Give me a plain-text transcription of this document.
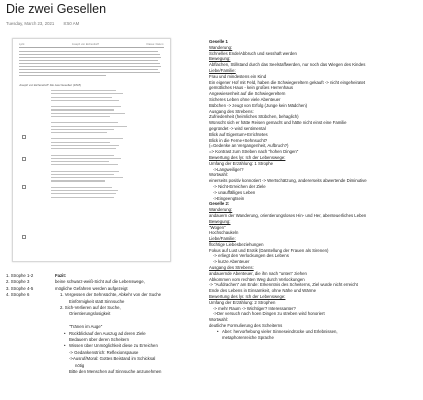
Die zwei Gesellen
Tuesday, March 23, 2021 8:50 AM
Lyrik	Joseph von Eichendorff	Klasse: Datum:
Joseph von Eichendorff: Die zwei Gesellen (1818)
1. Strophe 1-2
2. Strophe 3
3. Strophe 4-5
4. Strophe 6
Fazit:
beine schwarz-weiß-Sicht auf die Lebenswege,
mögliche Gefahren werden aufgezeigt
1. Vergessen der Sehnsüchte, Abkehr von der Suche
Einförmigkeit statt Sinnsuche
2. Sich-Verlieren auf der Suche,
Orientierungslosigkeit
"Tränen im Auge"
• Rückblickauf den Auszug ad deren Ziele
Bedauern über deren Scheitern
• Wissen über Unmöglichkeit diese zu Erreichen
-> Gedankenstrich: Reflexionspause
->Ausruf/Moral: Gottes Beistand im Schicksal
nötig
Bitte den Menschen auf Sinnsuche anzunehmen
Geselle 1
Wanderung:
Schnelles Ende/Abbruch und sesshaft werden
Bewegung:
Abflachen, Stillstand durch das Seelstaffwerden, nur noch das Wiegen des Kindes
Liebe/Familie:
Frau und mindestens ein Kind
Ein eigener Hof mit Feld, haben die Schwiegereltern gekauft -> nicht eingeheiratet
gemütliches Haus - kein großes Herrenhaus
Angewiesenheit auf die Schwiegereltern
Sicheres Leben ohne viele Abenteuer
Bübchen -> zeugt von Erfolg (Junge kein Mädchen)
Ausgang des Strebens:
Zufriedenheit (heimliches Stübchen, behaglich)
Wünscht sich er hätte Reisen gemacht und hätte nicht einst eine Familie
gegründet -> wird sentimental
Blick auf Eigentum+Errichtetes
Blick in die Ferne+Sehnsucht?
(=Gedenke an Vergangenheit, Aufbruch?)
=> Kontrast zum Streben nach "hohen Dingen"
Bewertung des lyr. Ich der Lebenswege:
Umfang der Erzählung: 1 Strophe
->Langweiliger?
Wortwahl:
einerseits positiv konnotiert -> Wertschätzung, andererseits abwertende Diminutive
-> Nicht-Erreichen der Ziele
-> unauffälliges Leben
->Eingeengtsein
Geselle 2:
Wanderung:
andauern der Wanderung, orientierungsloses Hin- und Her, abenteuerliches Leben
Bewegung:
"Wogen"
Hochschaukeln
Liebe/Familie:
flüchtige Liebesbeziehungen
Fokus auf Lust und Erotik (Darstellung der Frauen als Sirenen)
-> erliegt den Verlockungen des Lebens
-> kurze Abenteuer
Ausgang des Strebens:
andauernde Abenteuer, die ihn nach "unten" ziehen
Abkommen vom rechten Weg durch Verlockungen
-> "Aufdrachen" am Ende: Erkenntnis des Scheiterns, Ziel wurde nicht erreicht
Ende des Lebens in Einsamkeit, ohne Nähe und Wärme
Bewertung des lyr. Ich der Lebenswege:
Umfang der Erzählung: 2 Strophen
-> mehr Raum -> Wichtiger? Interessanter?
->Der versuch nach hoen Dingen zu streben wird honoriert
Wortwahl:
deutliche Formulierung des Scheiterns
• Aber: hervorhebung vieler Sinneseindrücke und Erlebnissen,
metaphorenreiche Sprache
